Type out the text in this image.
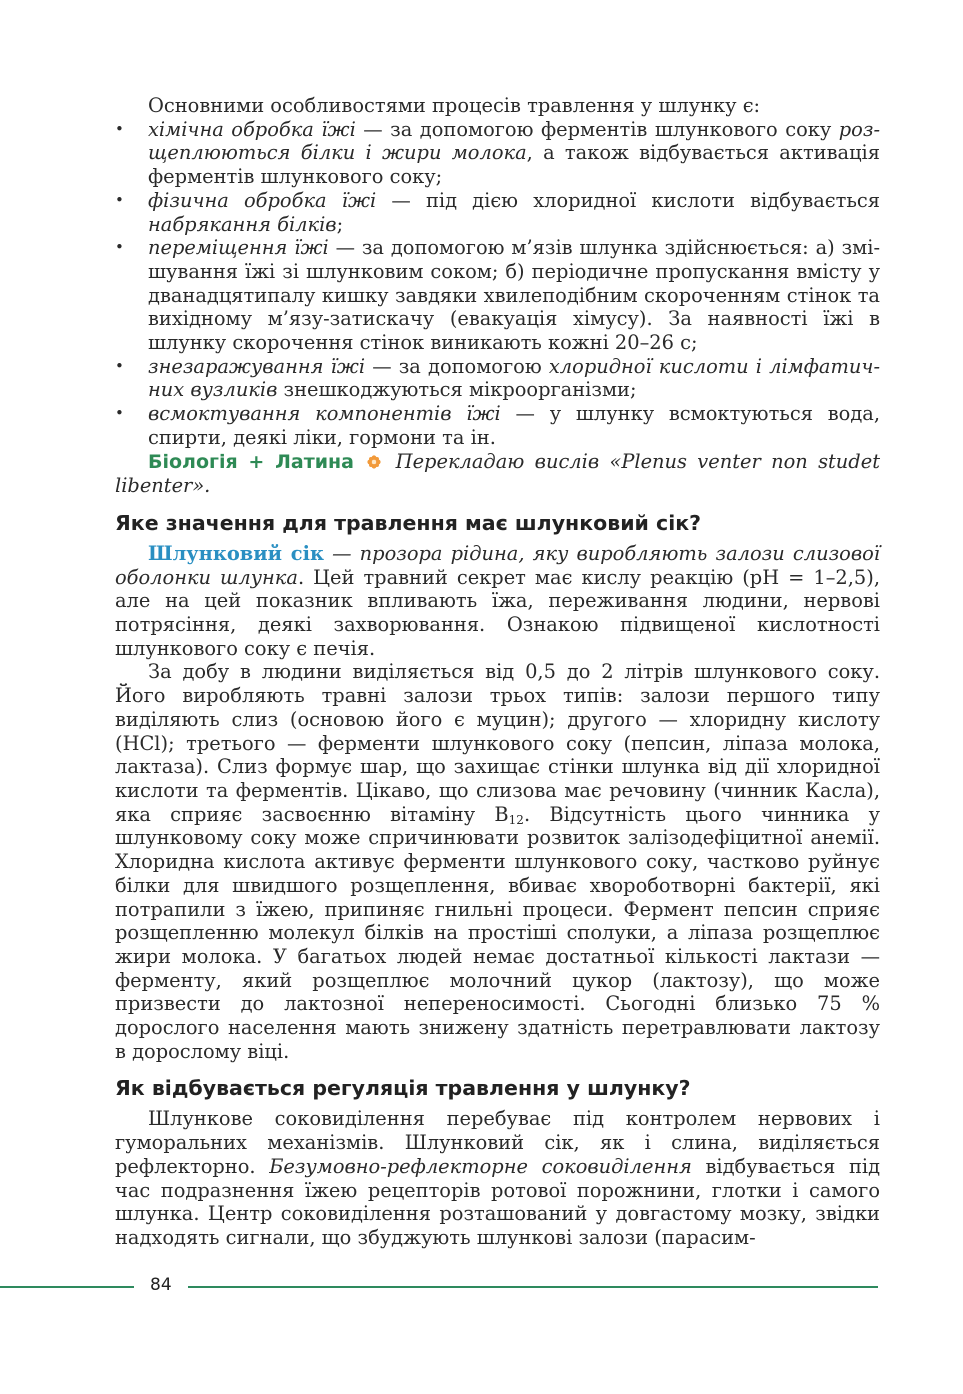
Основними особливостями процесів травлення у шлунку є:

• хімічна обробка їжі — за допомогою ферментів шлункового соку розщеплюються білки і жири молока, а також відбувається активація ферментів шлункового соку;
• фізична обробка їжі — під дією хлоридної кислоти відбувається набрякання білків;
• переміщення їжі — за допомогою м’язів шлунка здійснюється: а) змішування їжі зі шлунковим соком; б) періодичне пропускання вмісту у дванадцятипалу кишку завдяки хвилеподібним скороченням стінок та вихідному м’язу-затискачу (евакуація хімусу). За наявності їжі в шлунку скорочення стінок виникають кожні 20–26 с;
• знезаражування їжі — за допомогою хлоридної кислоти і лімфатичних вузликів знешкоджуються мікроорганізми;
• всмоктування компонентів їжі — у шлунку всмоктуються вода, спирти, деякі ліки, гормони та ін.

Біологія + Латина Перекладаю вислів «Plenus venter non studet libenter».

Яке значення для травлення має шлунковий сік?

Шлунковий сік — прозора рідина, яку виробляють залози слизової оболонки шлунка. Цей травний секрет має кислу реакцію (pH = 1–2,5), але на цей показник впливають їжа, переживання людини, нервові потрясіння, деякі захворювання. Ознакою підвищеної кислотності шлункового соку є печія.

За добу в людини виділяється від 0,5 до 2 літрів шлункового соку. Його виробляють травні залози трьох типів: залози першого типу виділяють слиз (основою його є муцин); другого — хлоридну кислоту (HCl); третього — ферменти шлункового соку (пепсин, ліпаза молока, лактаза). Слиз формує шар, що захищає стінки шлунка від дії хлоридної кислоти та ферментів. Цікаво, що слизова має речовину (чинник Касла), яка сприяє засвоєнню вітаміну $B_{12}$. Відсутність цього чинника у шлунковому соку може спричинювати розвиток залізодефіцитної анемії. Хлоридна кислота активує ферменти шлункового соку, частково руйнує білки для швидшого розщеплення, вбиває хвороботворні бактерії, які потрапили з їжею, припиняє гнильні процеси. Фермент пепсин сприяє розщепленню молекул білків на простіші сполуки, а ліпаза розщеплює жири молока. У багатьох людей немає достатньої кількості лактази — ферменту, який розщеплює молочний цукор (лактозу), що може призвести до лактозної непереносимості. Сьогодні близько 75 % дорослого населення мають знижену здатність перетравлювати лактозу в дорослому віці.

Як відбувається регуляція травлення у шлунку?

Шлункове соковиділення перебуває під контролем нервових і гуморальних механізмів. Шлунковий сік, як і слина, виділяється рефлекторно. Безумовно-рефлекторне соковиділення відбувається під час подразнення їжею рецепторів ротової порожнини, глотки і самого шлунка. Центр соковиділення розташований у довгастому мозку, звідки надходять сигнали, що збуджують шлункові залози (парасим-

84
